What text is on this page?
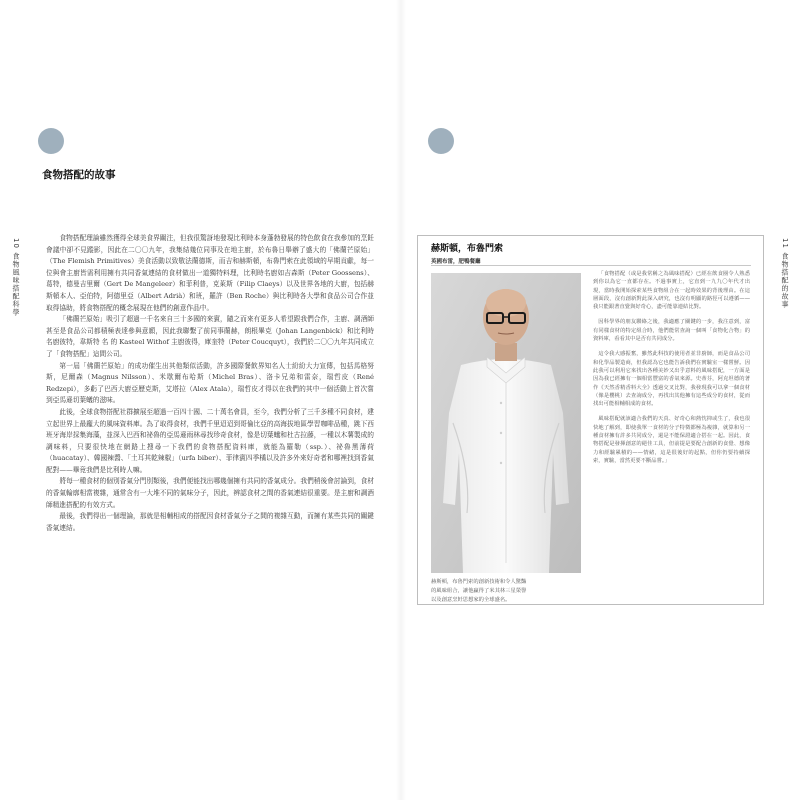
10 食物風味搭配科學
食物搭配的故事

食物搭配理論雖然獲得全球美食界關注，但我很驚訝地發現比利時本身蓬勃發展的特色飲食在我參加的烹飪會議中卻不見蹤影，因此在二〇〇九年，我集結幾位同事及在地主廚，於布魯日舉辦了盛大的「佛蘭芒原始」（The Flemish Primitives）美食活動以致敬法蘭德斯，而吉和赫斯頓，布魯門索在此領域的早期貢獻，每一位與會主廚皆需利用擁有共同香氣連結的食材做出一道獨特料理，比利時名廚如吉森斯（Peter Goossens）、葛特，德曼吉里爾（Gert De Mangeleer）和菲利普，克萊斯（Filip Claeys）以及世界各地的大廚，包括赫斯頓本人、亞伯特，阿德里亞（Albert Adrià）和班，羅許（Ben Roche）與比利時各大學和食品公司合作並取得協助，將食物搭配的概念展現在他們的創意作品中。

「佛蘭芒原始」吸引了超過一千名來自三十多國的來賓，隨之而來有更多人希望跟我們合作，主廚、調酒師甚至是食品公司都積極表達參與意願，因此我聯繫了前同事蘭赫，朗根畢克（Johan Langenbick）和比利時名廚彼特，韋斯特 名 的 Kasteel Withof 主廚彼得，庫奎特（Peter Coucquyt），我們於二〇〇九年共同成立了「食物搭配」這間公司。

第一屆「佛蘭芒原始」的成功催生出其他類似活動，許多國際餐飲界知名人士紛紛大力宣傳，包括馬格努斯，尼爾森（Magnus Nilsson）、米歇爾布哈斯（Michel Bras）、洛卡兄弟和雷奈，瑞哲皮（René Redzepi），多虧了巴西大廚亞歷克斯，艾塔拉（Alex Atala），瑞哲皮才得以在我們的其中一個活動上首次嘗到亞馬遜切葉蟻的滋味。

此後，全球食物搭配社群擴展至超過一百四十國、二十萬名會員，至今，我們分析了三千多種不同食材，建立起世界上最龐大的風味資料庫。為了取得食材，我們千里迢迢到哥倫比亞的高海拔地區學習咖啡品種，跳下西班牙海岸採集海藻，並深入巴西和祕魯的亞馬遜雨林尋找珍奇食材，像是切葉蟻和杜古拉藤，一種以木薯製成的調味料，只要很快地在網路上搜尋一下我們的食物搭配資料庫，就能為羅勒（ssp.）、祕魯黑薄荷（huacatay）、韓國辣醬、「土耳其乾辣椒」（urfa biber）、菲律賓四季橘以及許多外來好奇者和哪裡找到香氣配對——畢竟我們是比利時人嘛。

將每一種食材的個別香氣分門別類後，我們便能找出哪幾個擁有共同的香氣成分。我們稍後會討論到，食材的香氣輪廓相當複雜，通常含有一大堆不同的氣味分子，因此，辨認食材之間的香氣連結很重要。是主廚和調酒師精進搭配的有效方式。

最後，我們得出一個理論，那就是相輔相成的搭配因食材香氣分子之間的複雜互動，而擁有某些共同的關鍵香氣連結。

11 食物搭配的故事
赫斯頓，布魯門索
英國布雷，肥鴨餐廳
赫斯頓，布魯門索的創新技術和令人驚豔的風味組合，讓他贏得了米其林三星榮譽以及創意烹飪思想家的全球盛名。

「食物搭配（或是我常稱之為風味搭配）已經在飲食圈令人熟悉到你以為它一直都存在。不過事實上，它直到一九九〇年代才出現，當時我開始探索某些食物組合在一起時效果的背後理由。在這層面段，沒有創新對此深入研究，也沒有明顯的路徑可以遵循——我只能跟著直覺與好奇心，盡可能靠連結比對。

因科學界的朋友聯絡之後，我適應了關鍵的一步，我注意到，富有同樣食材的特定組合時，他們能常查詢一個叫「食物化合物」的資料庫，看看其中是否有共同成分。

這令我大感振奮，雖然此科技的使用者並非廚師，而是食品公司和化學品製造商，但我認為它也能告訴我們在實驗室一樣嘗鮮。因此我可以利用它來找出各種美妙又出乎意料的風味搭配，一方面是因為我已經擁有一個相當豐富的香氣來源。史蒂芬，阿克坦德的著作《天然香精香料大全》透過交叉比對，我發現我可以拿一個食材（像是櫻桃）去查詢成分，再找出其他擁有這些成分的食材，從而找出可能相輔相成的食材。

風味搭配就該適合我們的天真、好奇心和熱忱抑或生了，我也很快地了解到，即使我單一食材的分子特徵都極為複雜，就算和另一種食材擁有許多共同成分，還是不能保證適合搭在一起。因此，食物搭配是發揮創意的絕佳工具，但前提是要配合創新的食覺、想像力和經驗累積的——情緒，這是很後好的起點，但你仍要持續探索，實驗，當然更要不斷品嘗。」
